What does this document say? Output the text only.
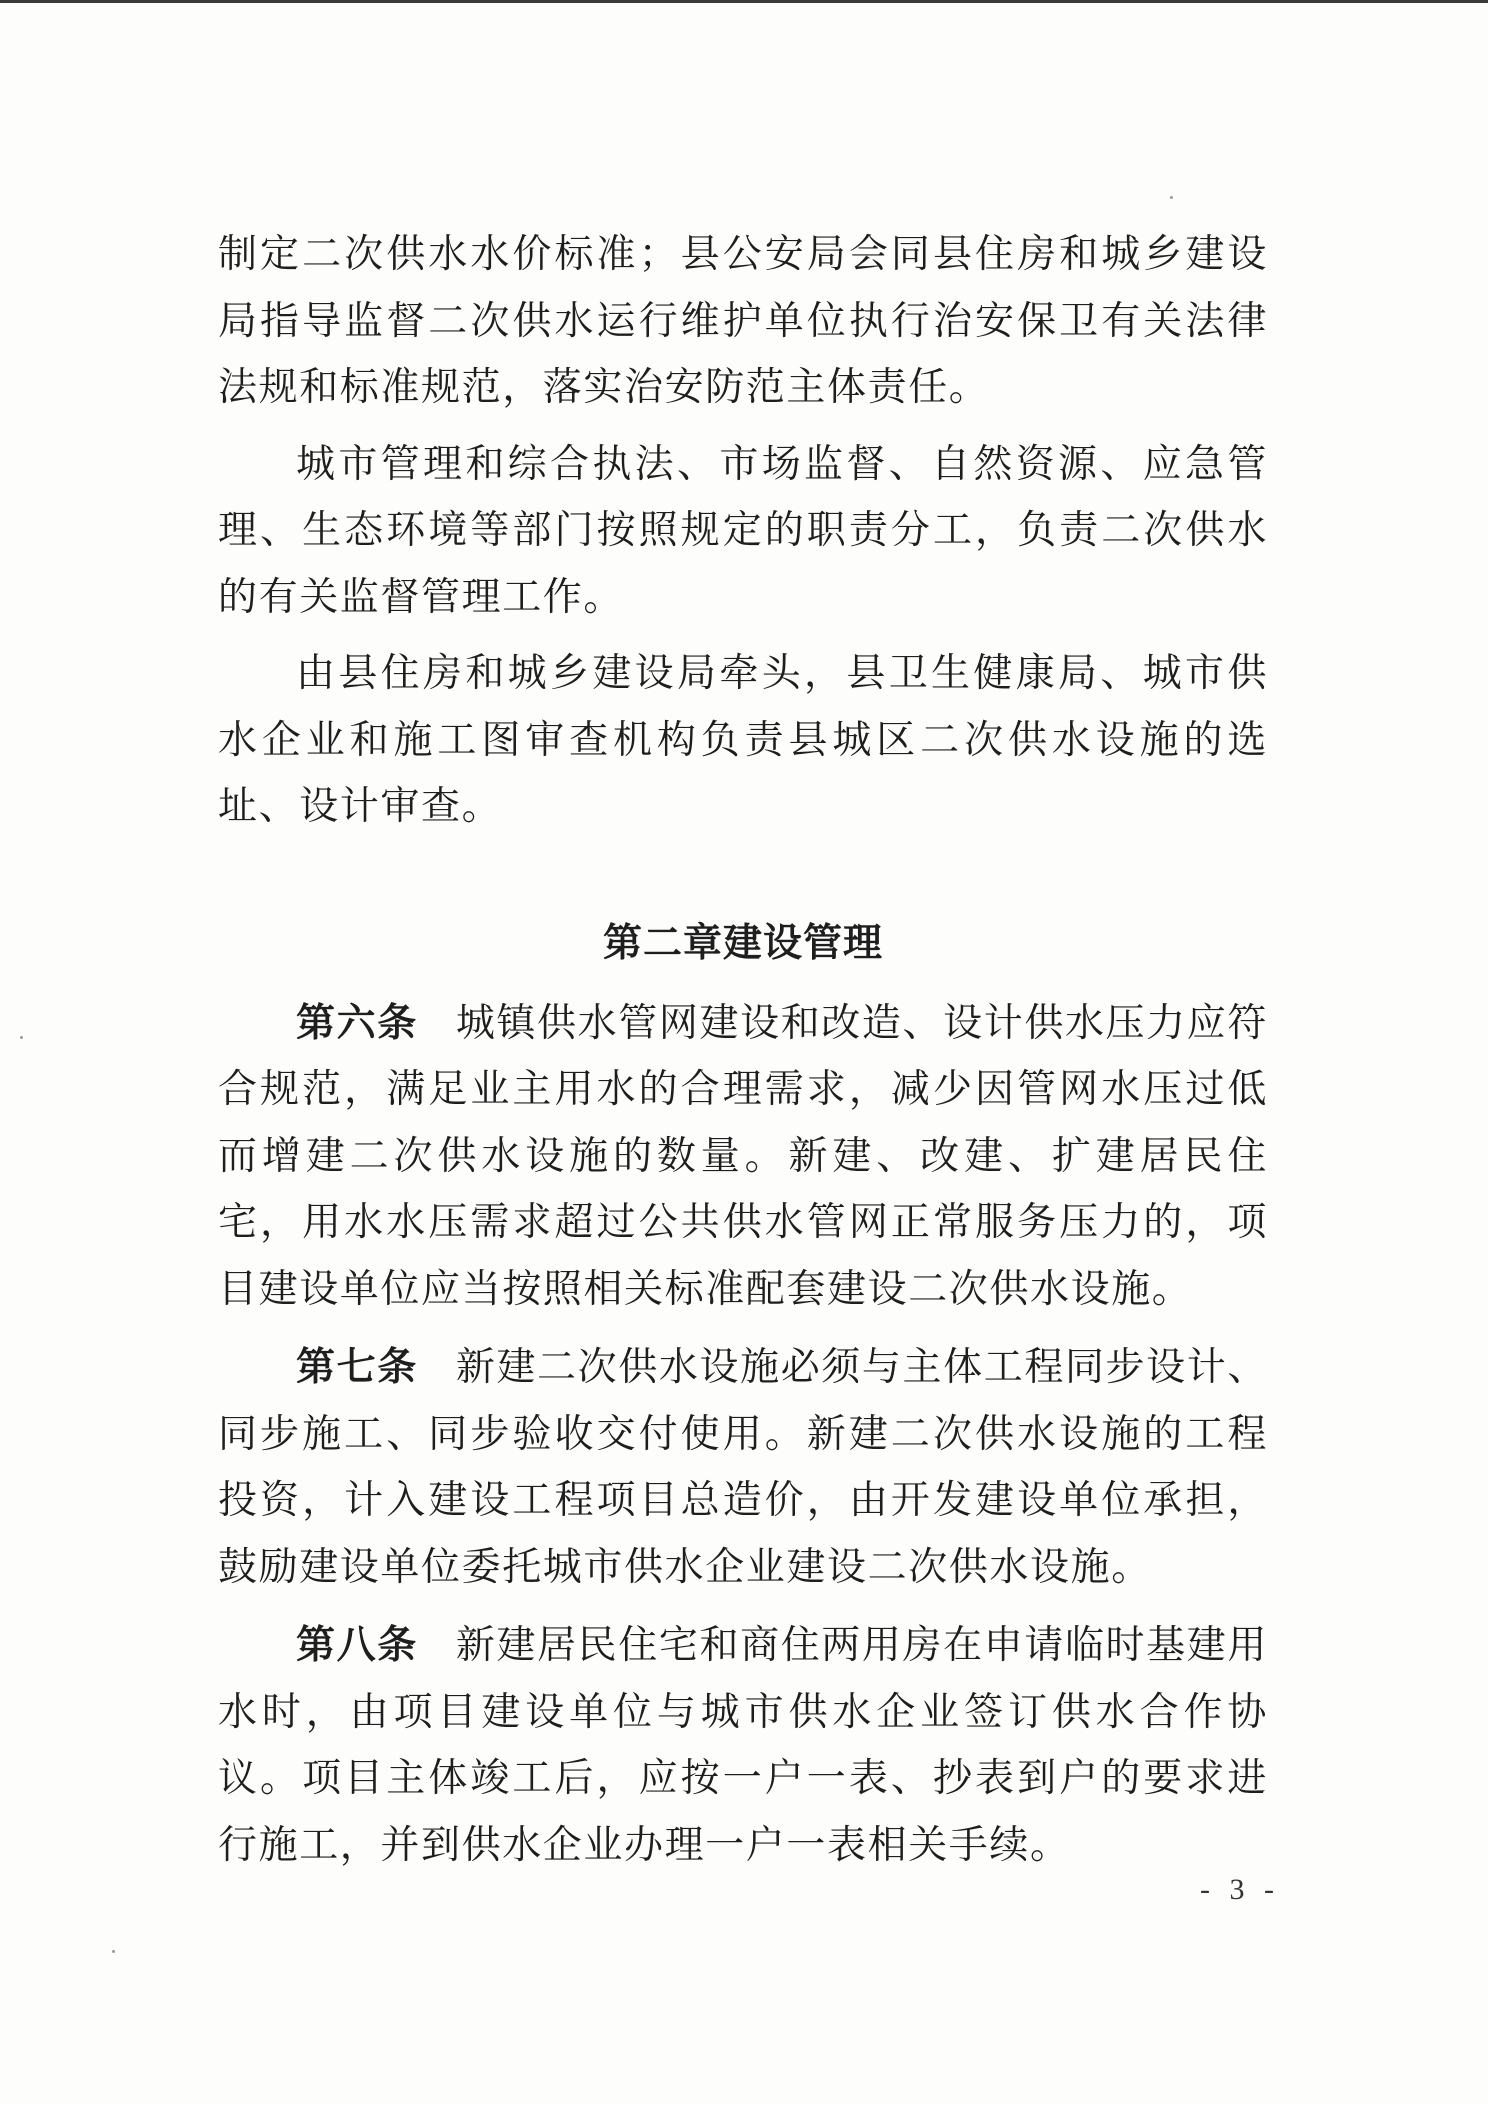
制定二次供水水价标准；县公安局会同县住房和城乡建设局指导监督二次供水运行维护单位执行治安保卫有关法律法规和标准规范，落实治安防范主体责任。

城市管理和综合执法、市场监督、自然资源、应急管理、生态环境等部门按照规定的职责分工，负责二次供水的有关监督管理工作。

由县住房和城乡建设局牵头，县卫生健康局、城市供水企业和施工图审查机构负责县城区二次供水设施的选址、设计审查。

第二章建设管理

第六条 城镇供水管网建设和改造、设计供水压力应符合规范，满足业主用水的合理需求，减少因管网水压过低而增建二次供水设施的数量。新建、改建、扩建居民住宅，用水水压需求超过公共供水管网正常服务压力的，项目建设单位应当按照相关标准配套建设二次供水设施。

第七条 新建二次供水设施必须与主体工程同步设计、同步施工、同步验收交付使用。新建二次供水设施的工程投资，计入建设工程项目总造价，由开发建设单位承担，鼓励建设单位委托城市供水企业建设二次供水设施。

第八条 新建居民住宅和商住两用房在申请临时基建用水时，由项目建设单位与城市供水企业签订供水合作协议。项目主体竣工后，应按一户一表、抄表到户的要求进行施工，并到供水企业办理一户一表相关手续。

- 3 -
